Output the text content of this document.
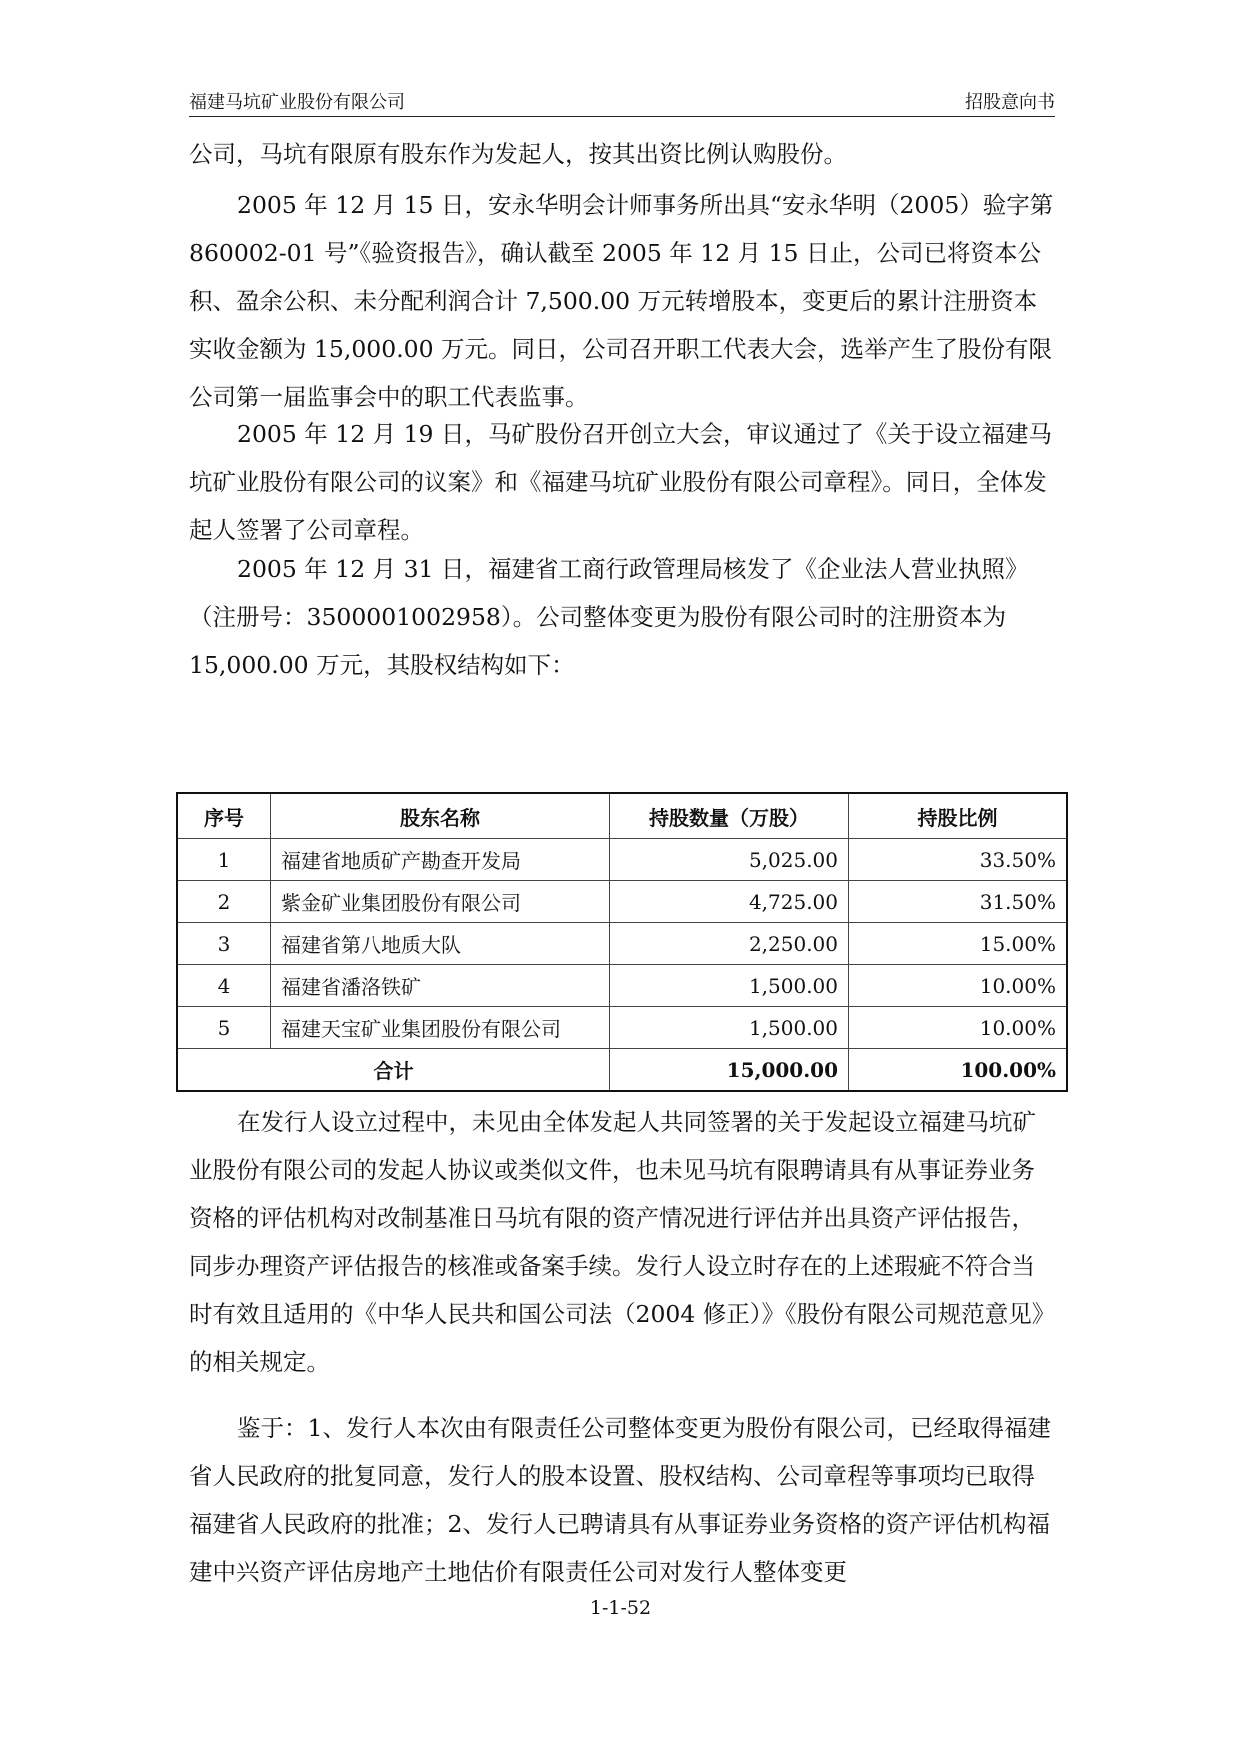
福建马坑矿业股份有限公司	招股意向书

公司，马坑有限原有股东作为发起人，按其出资比例认购股份。

2005 年 12 月 15 日，安永华明会计师事务所出具“安永华明（2005）验字第 860002-01 号”《验资报告》，确认截至 2005 年 12 月 15 日止，公司已将资本公积、盈余公积、未分配利润合计 7,500.00 万元转增股本，变更后的累计注册资本实收金额为 15,000.00 万元。同日，公司召开职工代表大会，选举产生了股份有限公司第一届监事会中的职工代表监事。

2005 年 12 月 19 日，马矿股份召开创立大会，审议通过了《关于设立福建马坑矿业股份有限公司的议案》和《福建马坑矿业股份有限公司章程》。同日，全体发起人签署了公司章程。

2005 年 12 月 31 日，福建省工商行政管理局核发了《企业法人营业执照》（注册号：3500001002958）。公司整体变更为股份有限公司时的注册资本为 15,000.00 万元，其股权结构如下：

序号	股东名称	持股数量（万股）	持股比例
1	福建省地质矿产勘查开发局	5,025.00	33.50%
2	紫金矿业集团股份有限公司	4,725.00	31.50%
3	福建省第八地质大队	2,250.00	15.00%
4	福建省潘洛铁矿	1,500.00	10.00%
5	福建天宝矿业集团股份有限公司	1,500.00	10.00%
合计		15,000.00	100.00%

在发行人设立过程中，未见由全体发起人共同签署的关于发起设立福建马坑矿业股份有限公司的发起人协议或类似文件，也未见马坑有限聘请具有从事证券业务资格的评估机构对改制基准日马坑有限的资产情况进行评估并出具资产评估报告，同步办理资产评估报告的核准或备案手续。发行人设立时存在的上述瑕疵不符合当时有效且适用的《中华人民共和国公司法（2004 修正）》《股份有限公司规范意见》的相关规定。

鉴于：1、发行人本次由有限责任公司整体变更为股份有限公司，已经取得福建省人民政府的批复同意，发行人的股本设置、股权结构、公司章程等事项均已取得福建省人民政府的批准；2、发行人已聘请具有从事证券业务资格的资产评估机构福建中兴资产评估房地产土地估价有限责任公司对发行人整体变更

1-1-52
